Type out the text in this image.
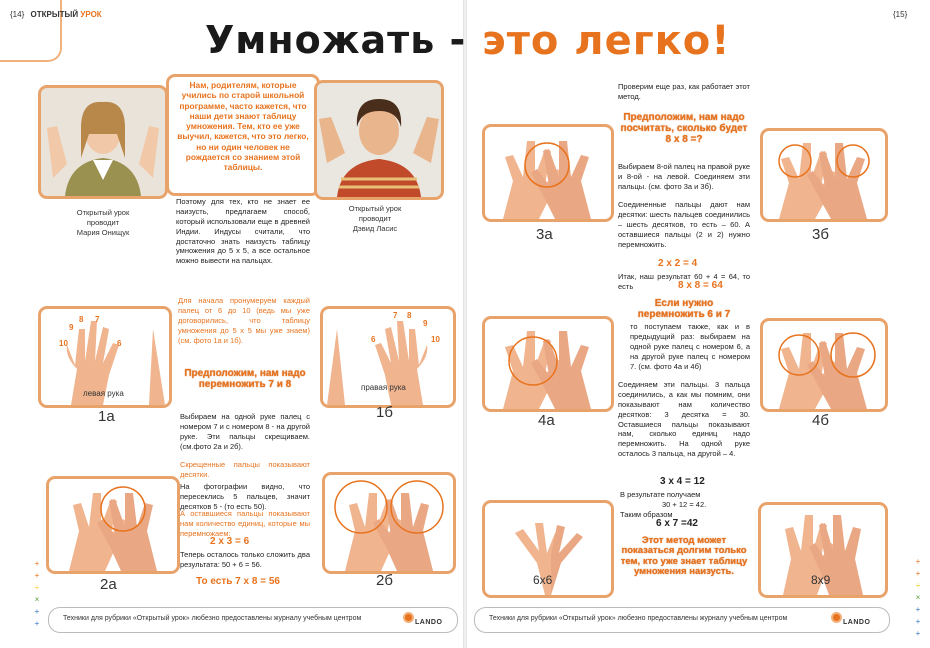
{14} ОТКРЫТЫЙ УРОК	{15}
Умножать - это легко!
Открытый урок
проводит
Мария Онищук
Нам, родителям, которые учились по старой школьной программе, часто кажется, что наши дети знают таблицу умножения. Тем, кто ее уже выучил, кажется, что это легко, но ни один человек не рождается со знанием этой таблицы.
Открытый урок
проводит
Дэвид Ласис
Поэтому для тех, кто не знает ее наизусть, предлагаем способ, который использовали еще в древней Индии. Индусы считали, что достаточно знать наизусть таблицу умножения до 5 х 5, а все остальное можно вывести на пальцах.
Для начала пронумеруем каждый палец от 6 до 10 (ведь мы уже договорились, что таблицу умножения до 5 х 5 мы уже знаем) (см. фото 1а и 1б).
Предположим, нам надо перемножить 7 и 8
Выбираем на одной руке палец с номером 7 и с номером 8 - на другой руке. Эти пальцы скрещиваем. (см.фото 2а и 2б).
Скрещенные пальцы показывают десятки.
На фотографии видно, что пересеклись 5 пальцев, значит десятков 5 - (то есть 50).
А оставшиеся пальцы показывают нам количество единиц, которые мы перемножаем:
2 х 3 = 6
Теперь осталось только сложить два результата: 50 + 6 = 56.
То есть 7 х 8 = 56
10
9
8 7
6
левая рука
1а
7 8
9
10
6
правая рука
1б
2а	2б
3а	3б
4а	4б
6х6	8х9
Проверим еще раз, как работает этот метод.
Предположим, нам надо посчитать, сколько будет 8 х 8 =?
Выбираем 8-ой палец на правой руке и 8-ой - на левой. Соединяем эти пальцы. (см. фото 3а и 3б).
Соединенные пальцы дают нам десятки: шесть пальцев соединились – шесть десятков, то есть – 60. А оставшиеся пальцы (2 и 2) нужно перемножить.
2 х 2 = 4
Итак, наш результат 60 + 4 = 64, то есть	8 х 8 = 64
Если нужно перемножить 6 и 7
то поступаем также, как и в предыдущий раз: выбираем на одной руке палец с номером 6, а на другой руке палец с номером 7. (см. фото 4а и 4б)
Соединяем эти пальцы. 3 пальца соединились, а как мы помним, они показывают нам количество десятков: 3 десятка = 30. Оставшиеся пальцы показывают нам, сколько единиц надо перемножить. На одной руке осталось 3 пальца, на другой – 4.
3 х 4 = 12
В результате получаем
30 + 12 = 42.
Таким образом
6 х 7 =42
Этот метод может показаться долгим только тем, кто уже знает таблицу умножения наизусть.
+
+
÷
×
+
+
+
+
÷
×
+
+
+
Техники для рубрики «Открытый урок» любезно предоставлены журналу учебным центром
LANDO
Техники для рубрики «Открытый урок» любезно предоставлены журналу учебным центром
LANDO
